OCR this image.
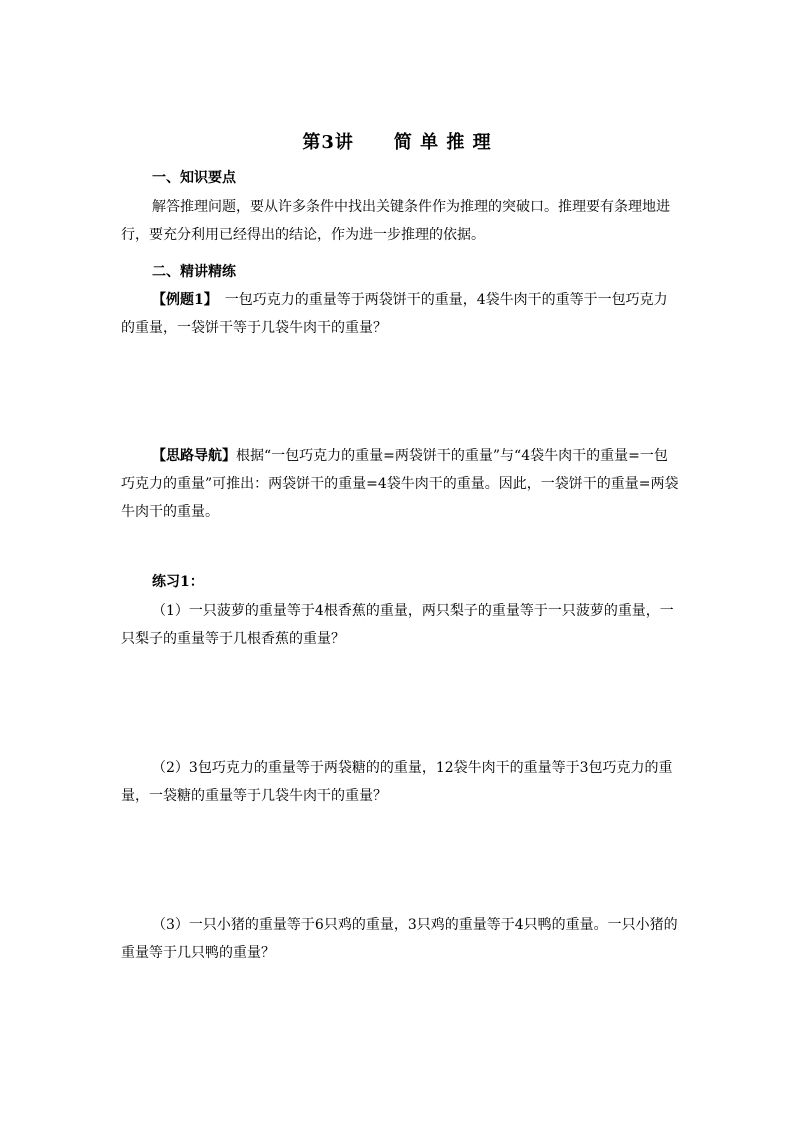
第3讲 简 单 推 理
一、知识要点
解答推理问题，要从许多条件中找出关键条件作为推理的突破口。推理要有条理地进行，要充分利用已经得出的结论，作为进一步推理的依据。
二、精讲精练
【例题1】　一包巧克力的重量等于两袋饼干的重量，4袋牛肉干的重等于一包巧克力的重量，一袋饼干等于几袋牛肉干的重量？
【思路导航】根据“一包巧克力的重量=两袋饼干的重量”与“4袋牛肉干的重量=一包巧克力的重量”可推出：两袋饼干的重量=4袋牛肉干的重量。因此，一袋饼干的重量=两袋牛肉干的重量。
练习1：
（1）一只菠萝的重量等于4根香蕉的重量，两只梨子的重量等于一只菠萝的重量，一只梨子的重量等于几根香蕉的重量？
（2）3包巧克力的重量等于两袋糖的的重量，12袋牛肉干的重量等于3包巧克力的重量，一袋糖的重量等于几袋牛肉干的重量？
（3）一只小猪的重量等于6只鸡的重量，3只鸡的重量等于4只鸭的重量。一只小猪的重量等于几只鸭的重量？
